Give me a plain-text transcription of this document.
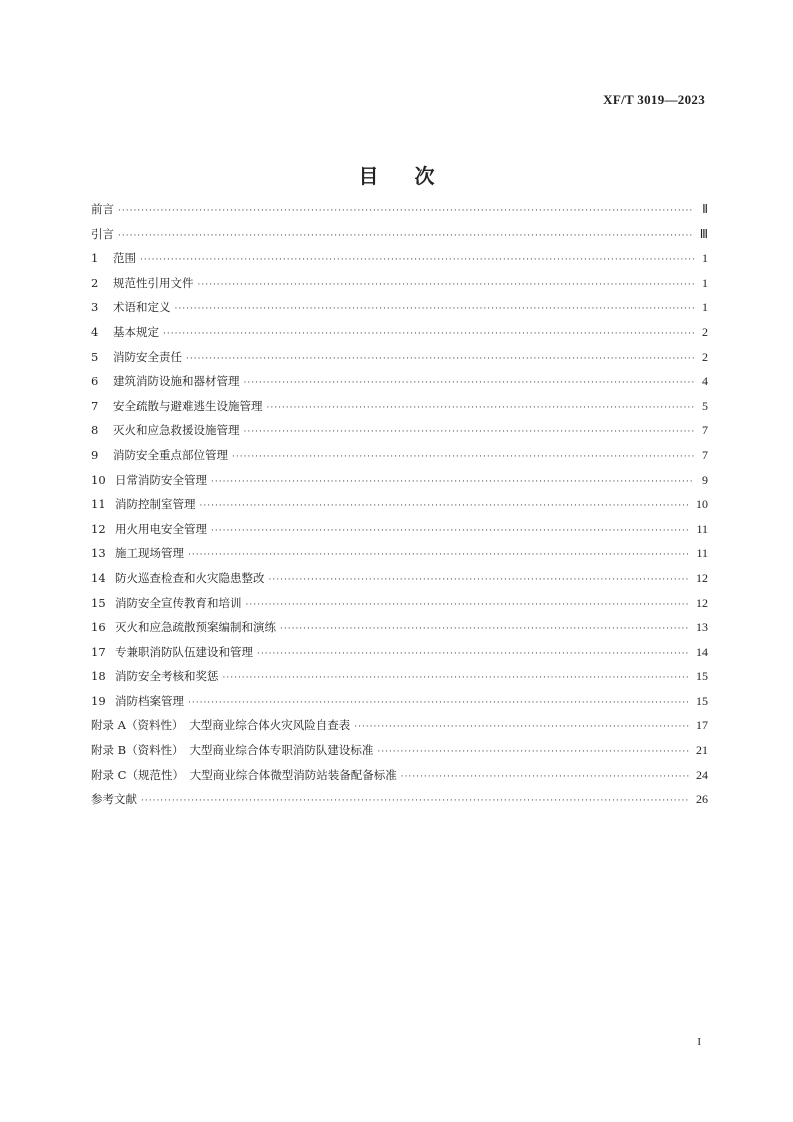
XF/T 3019—2023
目 次
前言 ·····	Ⅱ
引言 ·····	Ⅲ
1	范围 ·····	1
2	规范性引用文件 ·····	1
3	术语和定义 ·····	1
4	基本规定 ·····	2
5	消防安全责任 ·····	2
6	建筑消防设施和器材管理 ·····	4
7	安全疏散与避难逃生设施管理 ·····	5
8	灭火和应急救援设施管理 ·····	7
9	消防安全重点部位管理 ·····	7
10 日常消防安全管理 ·····	9
11 消防控制室管理 ·····	10
12 用火用电安全管理 ·····	11
13 施工现场管理 ·····	11
14 防火巡查检查和火灾隐患整改 ·····	12
15 消防安全宣传教育和培训 ·····	12
16 灭火和应急疏散预案编制和演练 ·····	13
17 专兼职消防队伍建设和管理 ·····	14
18 消防安全考核和奖惩 ·····	15
19 消防档案管理 ·····	15
附录 A（资料性）　大型商业综合体火灾风险自查表 ·····	17
附录 B（资料性）　大型商业综合体专职消防队建设标准 ·····	21
附录 C（规范性）　大型商业综合体微型消防站装备配备标准 ·····	24
参考文献 ·····	26
I
